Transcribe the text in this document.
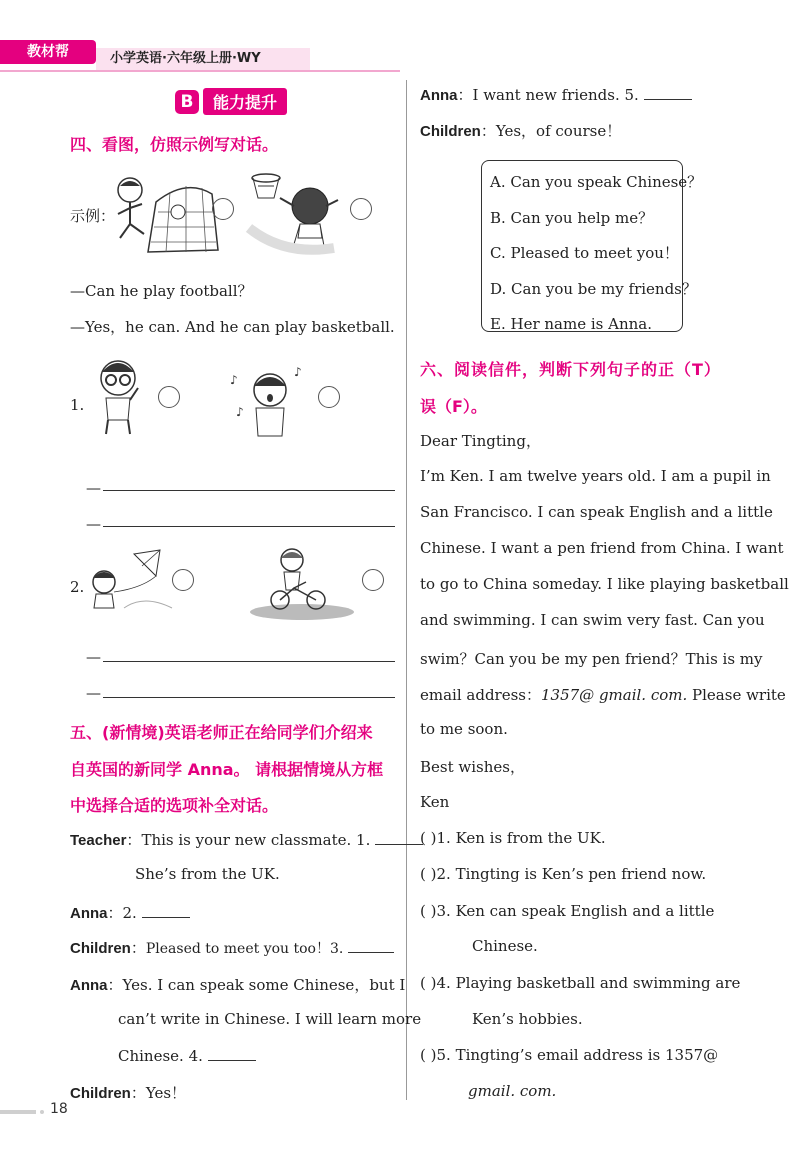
教材帮	小学英语·六年级上册·WY
B	能力提升
四、看图，仿照示例写对话。
示例：
—Can he play football？
—Yes，he can. And he can play basketball.
1.
♪
♪
♪
—
—
2.
—
—
五、(新情境)英语老师正在给同学们介绍来
自英国的新同学 Anna。 请根据情境从方框
中选择合适的选项补全对话。
Teacher：This is your new classmate. 1.
She’s from the UK.
Anna：2.
Children：Pleased to meet you too！3.
Anna：Yes. I can speak some Chinese，but I
can’t write in Chinese. I will learn more
Chinese. 4.
Children：Yes！
Anna：I want new friends. 5.
Children：Yes，of course！
A. Can you speak Chinese？
B. Can you help me？
C. Pleased to meet you！
D. Can you be my friends？
E. Her name is Anna.
六、阅读信件，判断下列句子的正（T）
误（F）。
Dear Tingting，
I’m Ken. I am twelve years old. I am a pupil in
San Francisco. I can speak English and a little
Chinese. I want a pen friend from China. I want
to go to China someday. I like playing basketball
and swimming. I can swim very fast. Can you
swim？Can you be my pen friend？This is my
email address：1357@ gmail. com. Please write
to me soon.
Best wishes，
Ken
( )1. Ken is from the UK.
( )2. Tingting is Ken’s pen friend now.
( )3. Ken can speak English and a little
Chinese.
( )4. Playing basketball and swimming are
Ken’s hobbies.
( )5. Tingting’s email address is 1357@
gmail. com.
18
